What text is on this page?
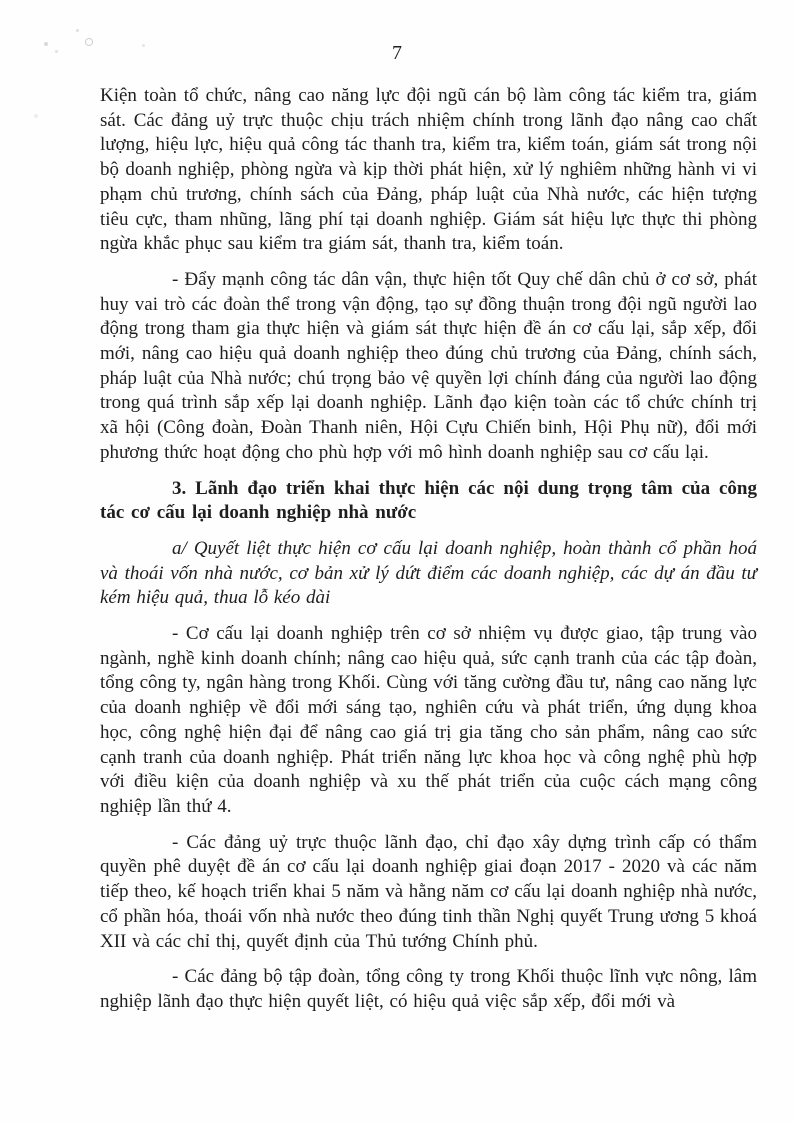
7

Kiện toàn tổ chức, nâng cao năng lực đội ngũ cán bộ làm công tác kiểm tra, giám sát. Các đảng uỷ trực thuộc chịu trách nhiệm chính trong lãnh đạo nâng cao chất lượng, hiệu lực, hiệu quả công tác thanh tra, kiểm tra, kiểm toán, giám sát trong nội bộ doanh nghiệp, phòng ngừa và kịp thời phát hiện, xử lý nghiêm những hành vi vi phạm chủ trương, chính sách của Đảng, pháp luật của Nhà nước, các hiện tượng tiêu cực, tham nhũng, lãng phí tại doanh nghiệp. Giám sát hiệu lực thực thi phòng ngừa khắc phục sau kiểm tra giám sát, thanh tra, kiểm toán.

- Đẩy mạnh công tác dân vận, thực hiện tốt Quy chế dân chủ ở cơ sở, phát huy vai trò các đoàn thể trong vận động, tạo sự đồng thuận trong đội ngũ người lao động trong tham gia thực hiện và giám sát thực hiện đề án cơ cấu lại, sắp xếp, đổi mới, nâng cao hiệu quả doanh nghiệp theo đúng chủ trương của Đảng, chính sách, pháp luật của Nhà nước; chú trọng bảo vệ quyền lợi chính đáng của người lao động trong quá trình sắp xếp lại doanh nghiệp. Lãnh đạo kiện toàn các tổ chức chính trị xã hội (Công đoàn, Đoàn Thanh niên, Hội Cựu Chiến binh, Hội Phụ nữ), đổi mới phương thức hoạt động cho phù hợp với mô hình doanh nghiệp sau cơ cấu lại.

3. Lãnh đạo triển khai thực hiện các nội dung trọng tâm của công tác cơ cấu lại doanh nghiệp nhà nước

a/ Quyết liệt thực hiện cơ cấu lại doanh nghiệp, hoàn thành cổ phần hoá và thoái vốn nhà nước, cơ bản xử lý dứt điểm các doanh nghiệp, các dự án đầu tư kém hiệu quả, thua lỗ kéo dài

- Cơ cấu lại doanh nghiệp trên cơ sở nhiệm vụ được giao, tập trung vào ngành, nghề kinh doanh chính; nâng cao hiệu quả, sức cạnh tranh của các tập đoàn, tổng công ty, ngân hàng trong Khối. Cùng với tăng cường đầu tư, nâng cao năng lực của doanh nghiệp về đổi mới sáng tạo, nghiên cứu và phát triển, ứng dụng khoa học, công nghệ hiện đại để nâng cao giá trị gia tăng cho sản phẩm, nâng cao sức cạnh tranh của doanh nghiệp. Phát triển năng lực khoa học và công nghệ phù hợp với điều kiện của doanh nghiệp và xu thế phát triển của cuộc cách mạng công nghiệp lần thứ 4.

- Các đảng uỷ trực thuộc lãnh đạo, chỉ đạo xây dựng trình cấp có thẩm quyền phê duyệt đề án cơ cấu lại doanh nghiệp giai đoạn 2017 - 2020 và các năm tiếp theo, kế hoạch triển khai 5 năm và hằng năm cơ cấu lại doanh nghiệp nhà nước, cổ phần hóa, thoái vốn nhà nước theo đúng tinh thần Nghị quyết Trung ương 5 khoá XII và các chỉ thị, quyết định của Thủ tướng Chính phủ.

- Các đảng bộ tập đoàn, tổng công ty trong Khối thuộc lĩnh vực nông, lâm nghiệp lãnh đạo thực hiện quyết liệt, có hiệu quả việc sắp xếp, đổi mới và
